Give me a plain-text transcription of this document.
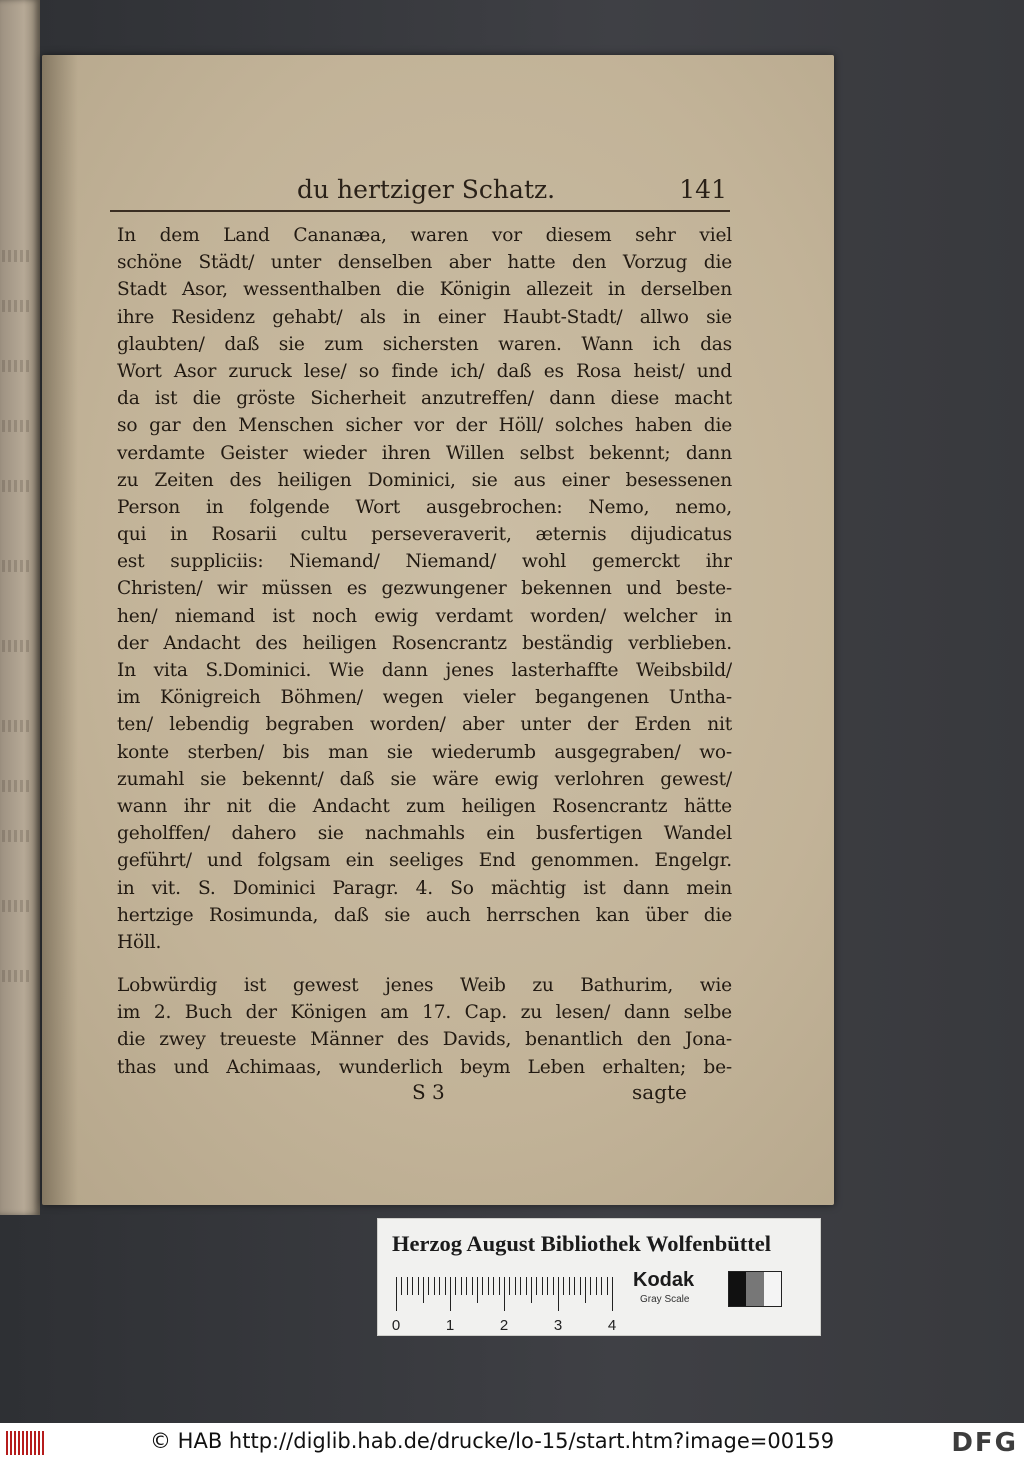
du hertziger Schatz.	141
In dem Land Cananæa, waren vor diesem sehr viel
schöne Städt/ unter denselben aber hatte den Vorzug die
Stadt Asor, wessenthalben die Königin allezeit in derselben
ihre Residenz gehabt/ als in einer Haubt-Stadt/ allwo sie
glaubten/ daß sie zum sichersten waren. Wann ich das
Wort Asor zuruck lese/ so finde ich/ daß es Rosa heist/ und
da ist die gröste Sicherheit anzutreffen/ dann diese macht
so gar den Menschen sicher vor der Höll/ solches haben die
verdamte Geister wieder ihren Willen selbst bekennt; dann
zu Zeiten des heiligen Dominici, sie aus einer besessenen
Person in folgende Wort ausgebrochen: Nemo, nemo,
qui in Rosarii cultu perseveraverit, æternis dijudicatus
est suppliciis: Niemand/ Niemand/ wohl gemerckt ihr
Christen/ wir müssen es gezwungener bekennen und beste-
hen/ niemand ist noch ewig verdamt worden/ welcher in
der Andacht des heiligen Rosencrantz beständig verblieben.
In vita S.Dominici. Wie dann jenes lasterhaffte Weibsbild/
im Königreich Böhmen/ wegen vieler begangenen Untha-
ten/ lebendig begraben worden/ aber unter der Erden nit
konte sterben/ bis man sie wiederumb ausgegraben/ wo-
zumahl sie bekennt/ daß sie wäre ewig verlohren gewest/
wann ihr nit die Andacht zum heiligen Rosencrantz hätte
geholffen/ dahero sie nachmahls ein busfertigen Wandel
geführt/ und folgsam ein seeliges End genommen. Engelgr.
in vit. S. Dominici Paragr. 4. So mächtig ist dann mein
hertzige Rosimunda, daß sie auch herrschen kan über die
Höll.
Lobwürdig ist gewest jenes Weib zu Bathurim, wie
im 2. Buch der Königen am 17. Cap. zu lesen/ dann selbe
die zwey treueste Männer des Davids, benantlich den Jona-
thas und Achimaas, wunderlich beym Leben erhalten; be-
S 3	sagte
Herzog August Bibliothek Wolfenbüttel
0	1	2	3	4
Kodak
Gray Scale
© HAB http://diglib.hab.de/drucke/lo-15/start.htm?image=00159	DFG
